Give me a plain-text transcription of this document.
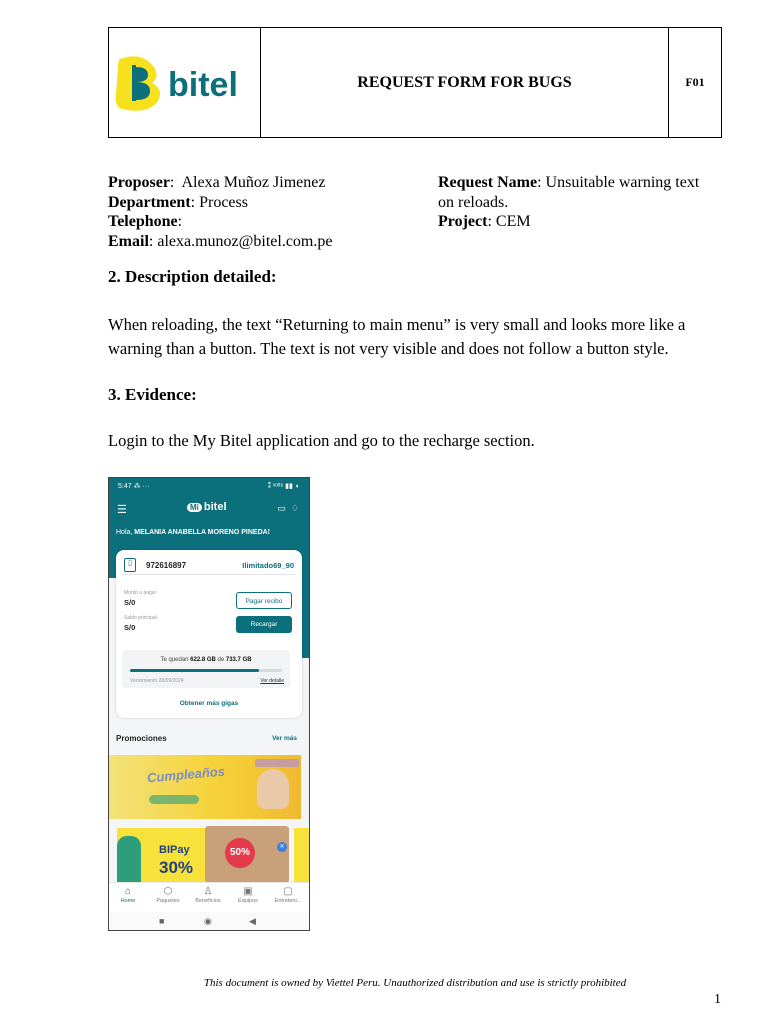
bitel	REQUEST FORM FOR BUGS	F01
Proposer:  Alexa Muñoz Jimenez
Department: Process
Telephone:
Email: alexa.munoz@bitel.com.pe
Request Name: Unsuitable warning text
on reloads.
Project: CEM
2. Description detailed:
When reloading, the text “Returning to main menu” is very small and looks more like a warning than a button. The text is not very visible and does not follow a button style.
3. Evidence:
Login to the My Bitel application and go to the recharge section.
5:47 ⁂ ···	⁑ ᵛᵒˡᵗᵉ ▮▮ ◖
☰	Mi bitel	▭ ♢
Hola, MELANIA ANABELLA MORENO PINEDA!
▯	972616897	Ilimitado69_90
Monto a pagar
S/0
Saldo principal
S/0
Pagar recibo
Recargar
Te quedan 622.8 GB de 733.7 GB
Vencimiento 28/09/2024	Ver detalle
Obtener más gigas
Promociones	Ver más
Cumpleaños
BIPay
30%
50%	✕
⌂
Home
⬡
Paquetes
♙
Beneficios
▣
Equipos
▢
Entreteni...
■	◉	◀
This document is owned by Viettel Peru. Unauthorized distribution and use is strictly prohibited
1
